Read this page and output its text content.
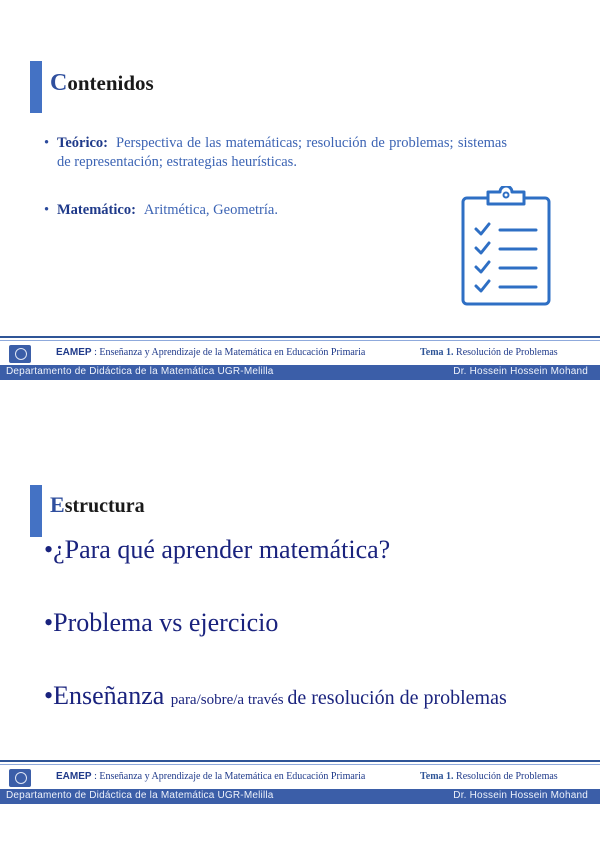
Contenidos
• Teórico: Perspectiva de las matemáticas; resolución de problemas; sistemas de representación; estrategias heurísticas.
• Matemático: Aritmética, Geometría.
EAMEP : Enseñanza y Aprendizaje de la Matemática en Educación Primaria	Tema 1. Resolución de Problemas
Departamento de Didáctica de la Matemática UGR-Melilla	Dr. Hossein Hossein Mohand
Estructura
•¿Para qué aprender matemática?
•Problema vs ejercicio
•Enseñanza para/sobre/a través de resolución de problemas
EAMEP : Enseñanza y Aprendizaje de la Matemática en Educación Primaria	Tema 1. Resolución de Problemas
Departamento de Didáctica de la Matemática UGR-Melilla	Dr. Hossein Hossein Mohand
